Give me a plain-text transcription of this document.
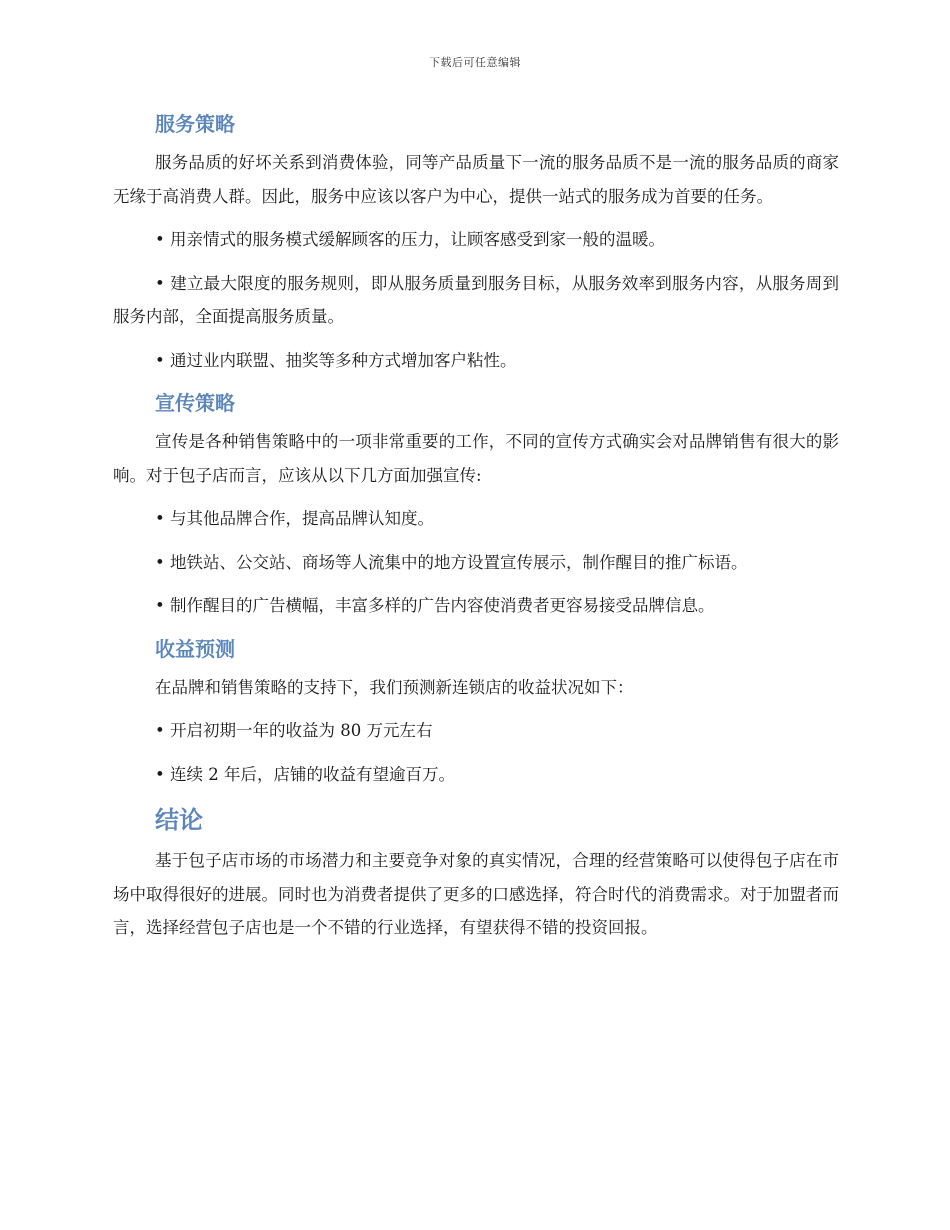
下载后可任意编辑
服务策略

服务品质的好坏关系到消费体验，同等产品质量下一流的服务品质不是一流的服务品质的商家无缘于高消费人群。因此，服务中应该以客户为中心，提供一站式的服务成为首要的任务。

• 用亲情式的服务模式缓解顾客的压力，让顾客感受到家一般的温暖。

• 建立最大限度的服务规则，即从服务质量到服务目标，从服务效率到服务内容，从服务周到服务内部，全面提高服务质量。

• 通过业内联盟、抽奖等多种方式增加客户粘性。

宣传策略

宣传是各种销售策略中的一项非常重要的工作，不同的宣传方式确实会对品牌销售有很大的影响。对于包子店而言，应该从以下几方面加强宣传:

• 与其他品牌合作，提高品牌认知度。

• 地铁站、公交站、商场等人流集中的地方设置宣传展示，制作醒目的推广标语。

• 制作醒目的广告横幅，丰富多样的广告内容使消费者更容易接受品牌信息。

收益预测

在品牌和销售策略的支持下，我们预测新连锁店的收益状况如下：

• 开启初期一年的收益为 80 万元左右

• 连续 2 年后，店铺的收益有望逾百万。

结论

基于包子店市场的市场潜力和主要竞争对象的真实情况，合理的经营策略可以使得包子店在市场中取得很好的进展。同时也为消费者提供了更多的口感选择，符合时代的消费需求。对于加盟者而言，选择经营包子店也是一个不错的行业选择，有望获得不错的投资回报。
